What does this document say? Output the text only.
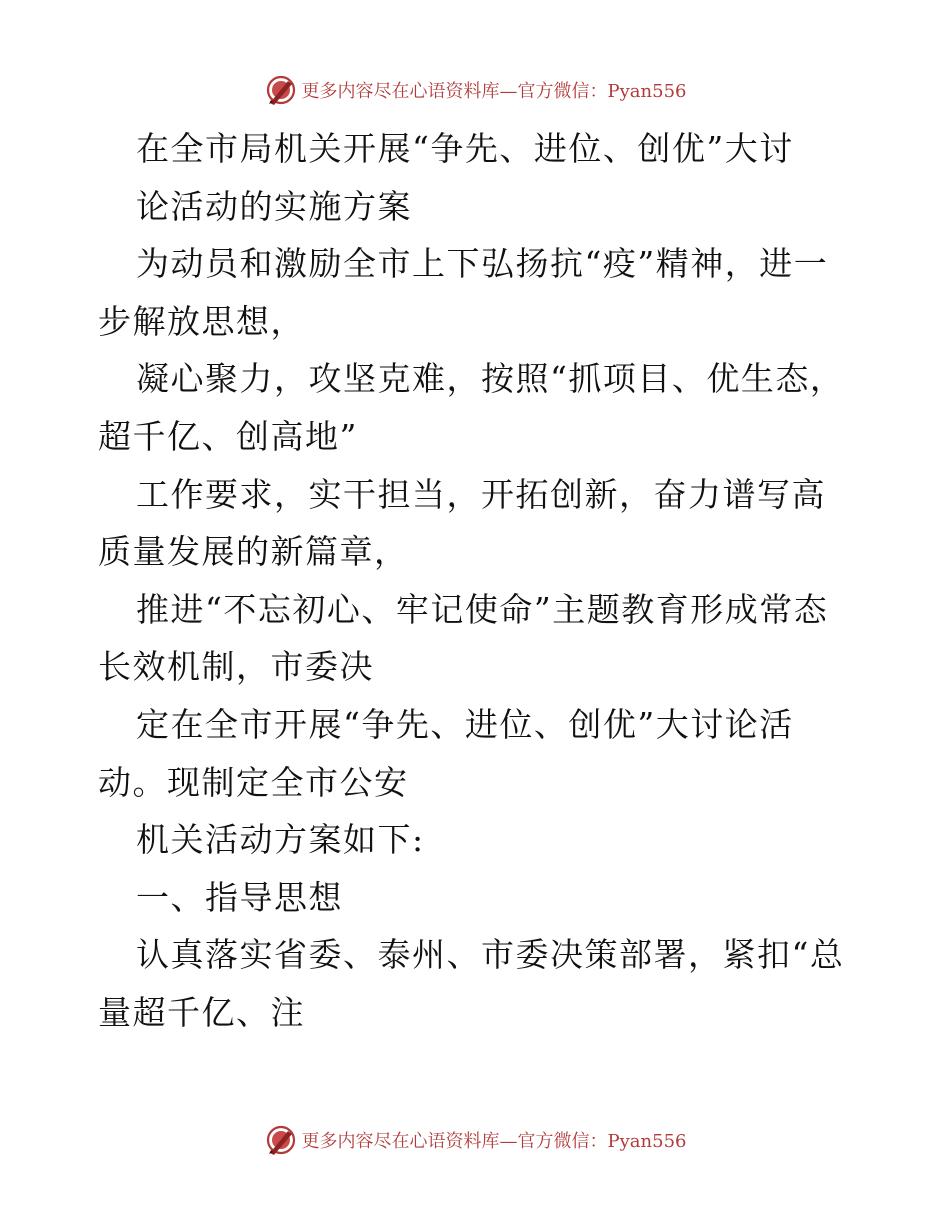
更多内容尽在心语资料库—官方微信：Pyan556

在全市局机关开展“争先、进位、创优”大讨

论活动的实施方案

为动员和激励全市上下弘扬抗“疫”精神，进一步解放思想，

凝心聚力，攻坚克难，按照“抓项目、优生态，超千亿、创高地”

工作要求，实干担当，开拓创新，奋力谱写高质量发展的新篇章，

推进“不忘初心、牢记使命”主题教育形成常态长效机制，市委决

定在全市开展“争先、进位、创优”大讨论活动。现制定全市公安

机关活动方案如下:

一、指导思想

认真落实省委、泰州、市委决策部署，紧扣“总量超千亿、注

更多内容尽在心语资料库—官方微信：Pyan556
